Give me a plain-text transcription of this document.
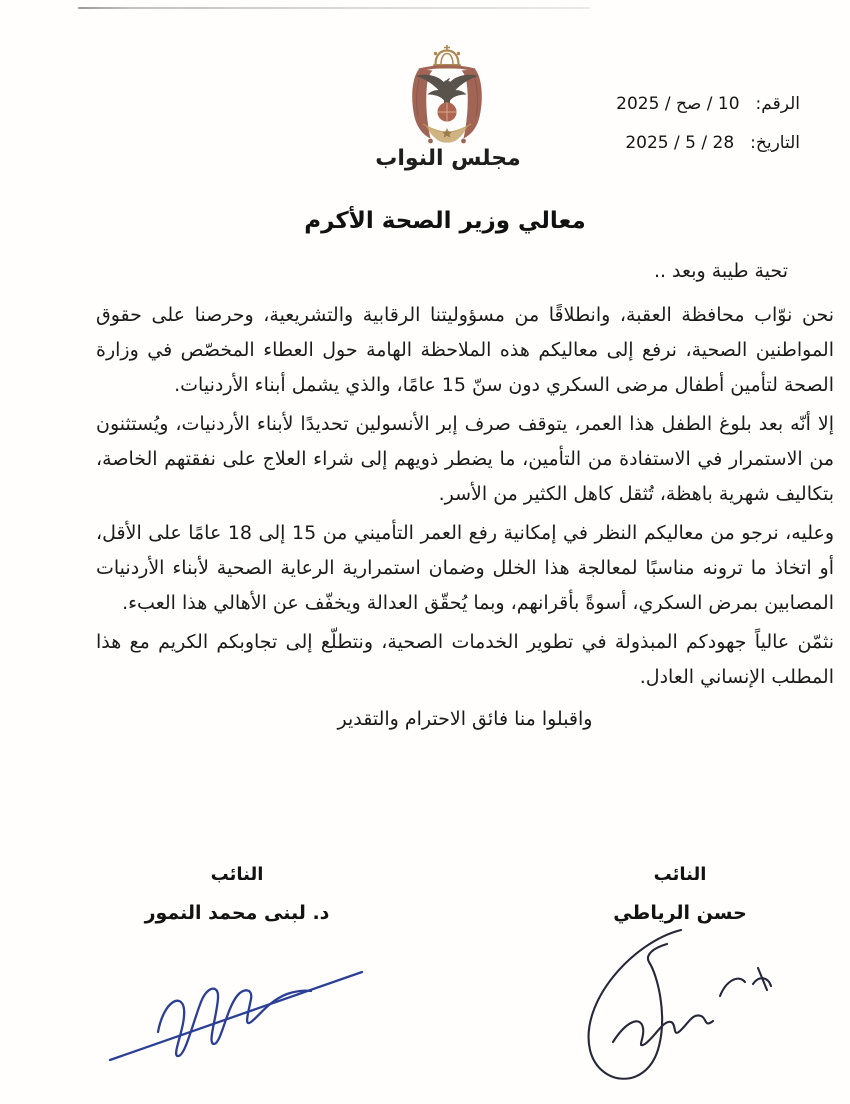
مجلس النواب
الرقم:10 / صح / 2025
التاريخ:28 / 5 / 2025
معالي وزير الصحة الأكرم

تحية طيبة وبعد ..

نحن نوّاب محافظة العقبة، وانطلاقًا من مسؤوليتنا الرقابية والتشريعية، وحرصنا على حقوق المواطنين الصحية، نرفع إلى معاليكم هذه الملاحظة الهامة حول العطاء المخصّص في وزارة الصحة لتأمين أطفال مرضى السكري دون سنّ 15 عامًا، والذي يشمل أبناء الأردنيات.

إلا أنّه بعد بلوغ الطفل هذا العمر، يتوقف صرف إبر الأنسولين تحديدًا لأبناء الأردنيات، ويُستثنون من الاستمرار في الاستفادة من التأمين، ما يضطر ذويهم إلى شراء العلاج على نفقتهم الخاصة، بتكاليف شهرية باهظة، تُثقل كاهل الكثير من الأسر.

وعليه، نرجو من معاليكم النظر في إمكانية رفع العمر التأميني من 15 إلى 18 عامًا على الأقل، أو اتخاذ ما ترونه مناسبًا لمعالجة هذا الخلل وضمان استمرارية الرعاية الصحية لأبناء الأردنيات المصابين بمرض السكري، أسوةً بأقرانهم، وبما يُحقّق العدالة ويخفّف عن الأهالي هذا العبء.

نثمّن عالياً جهودكم المبذولة في تطوير الخدمات الصحية، ونتطلّع إلى تجاوبكم الكريم مع هذا المطلب الإنساني العادل.

واقبلوا منا فائق الاحترام والتقدير

النائب
حسن الرياطي
النائب
د. لبنى محمد النمور
